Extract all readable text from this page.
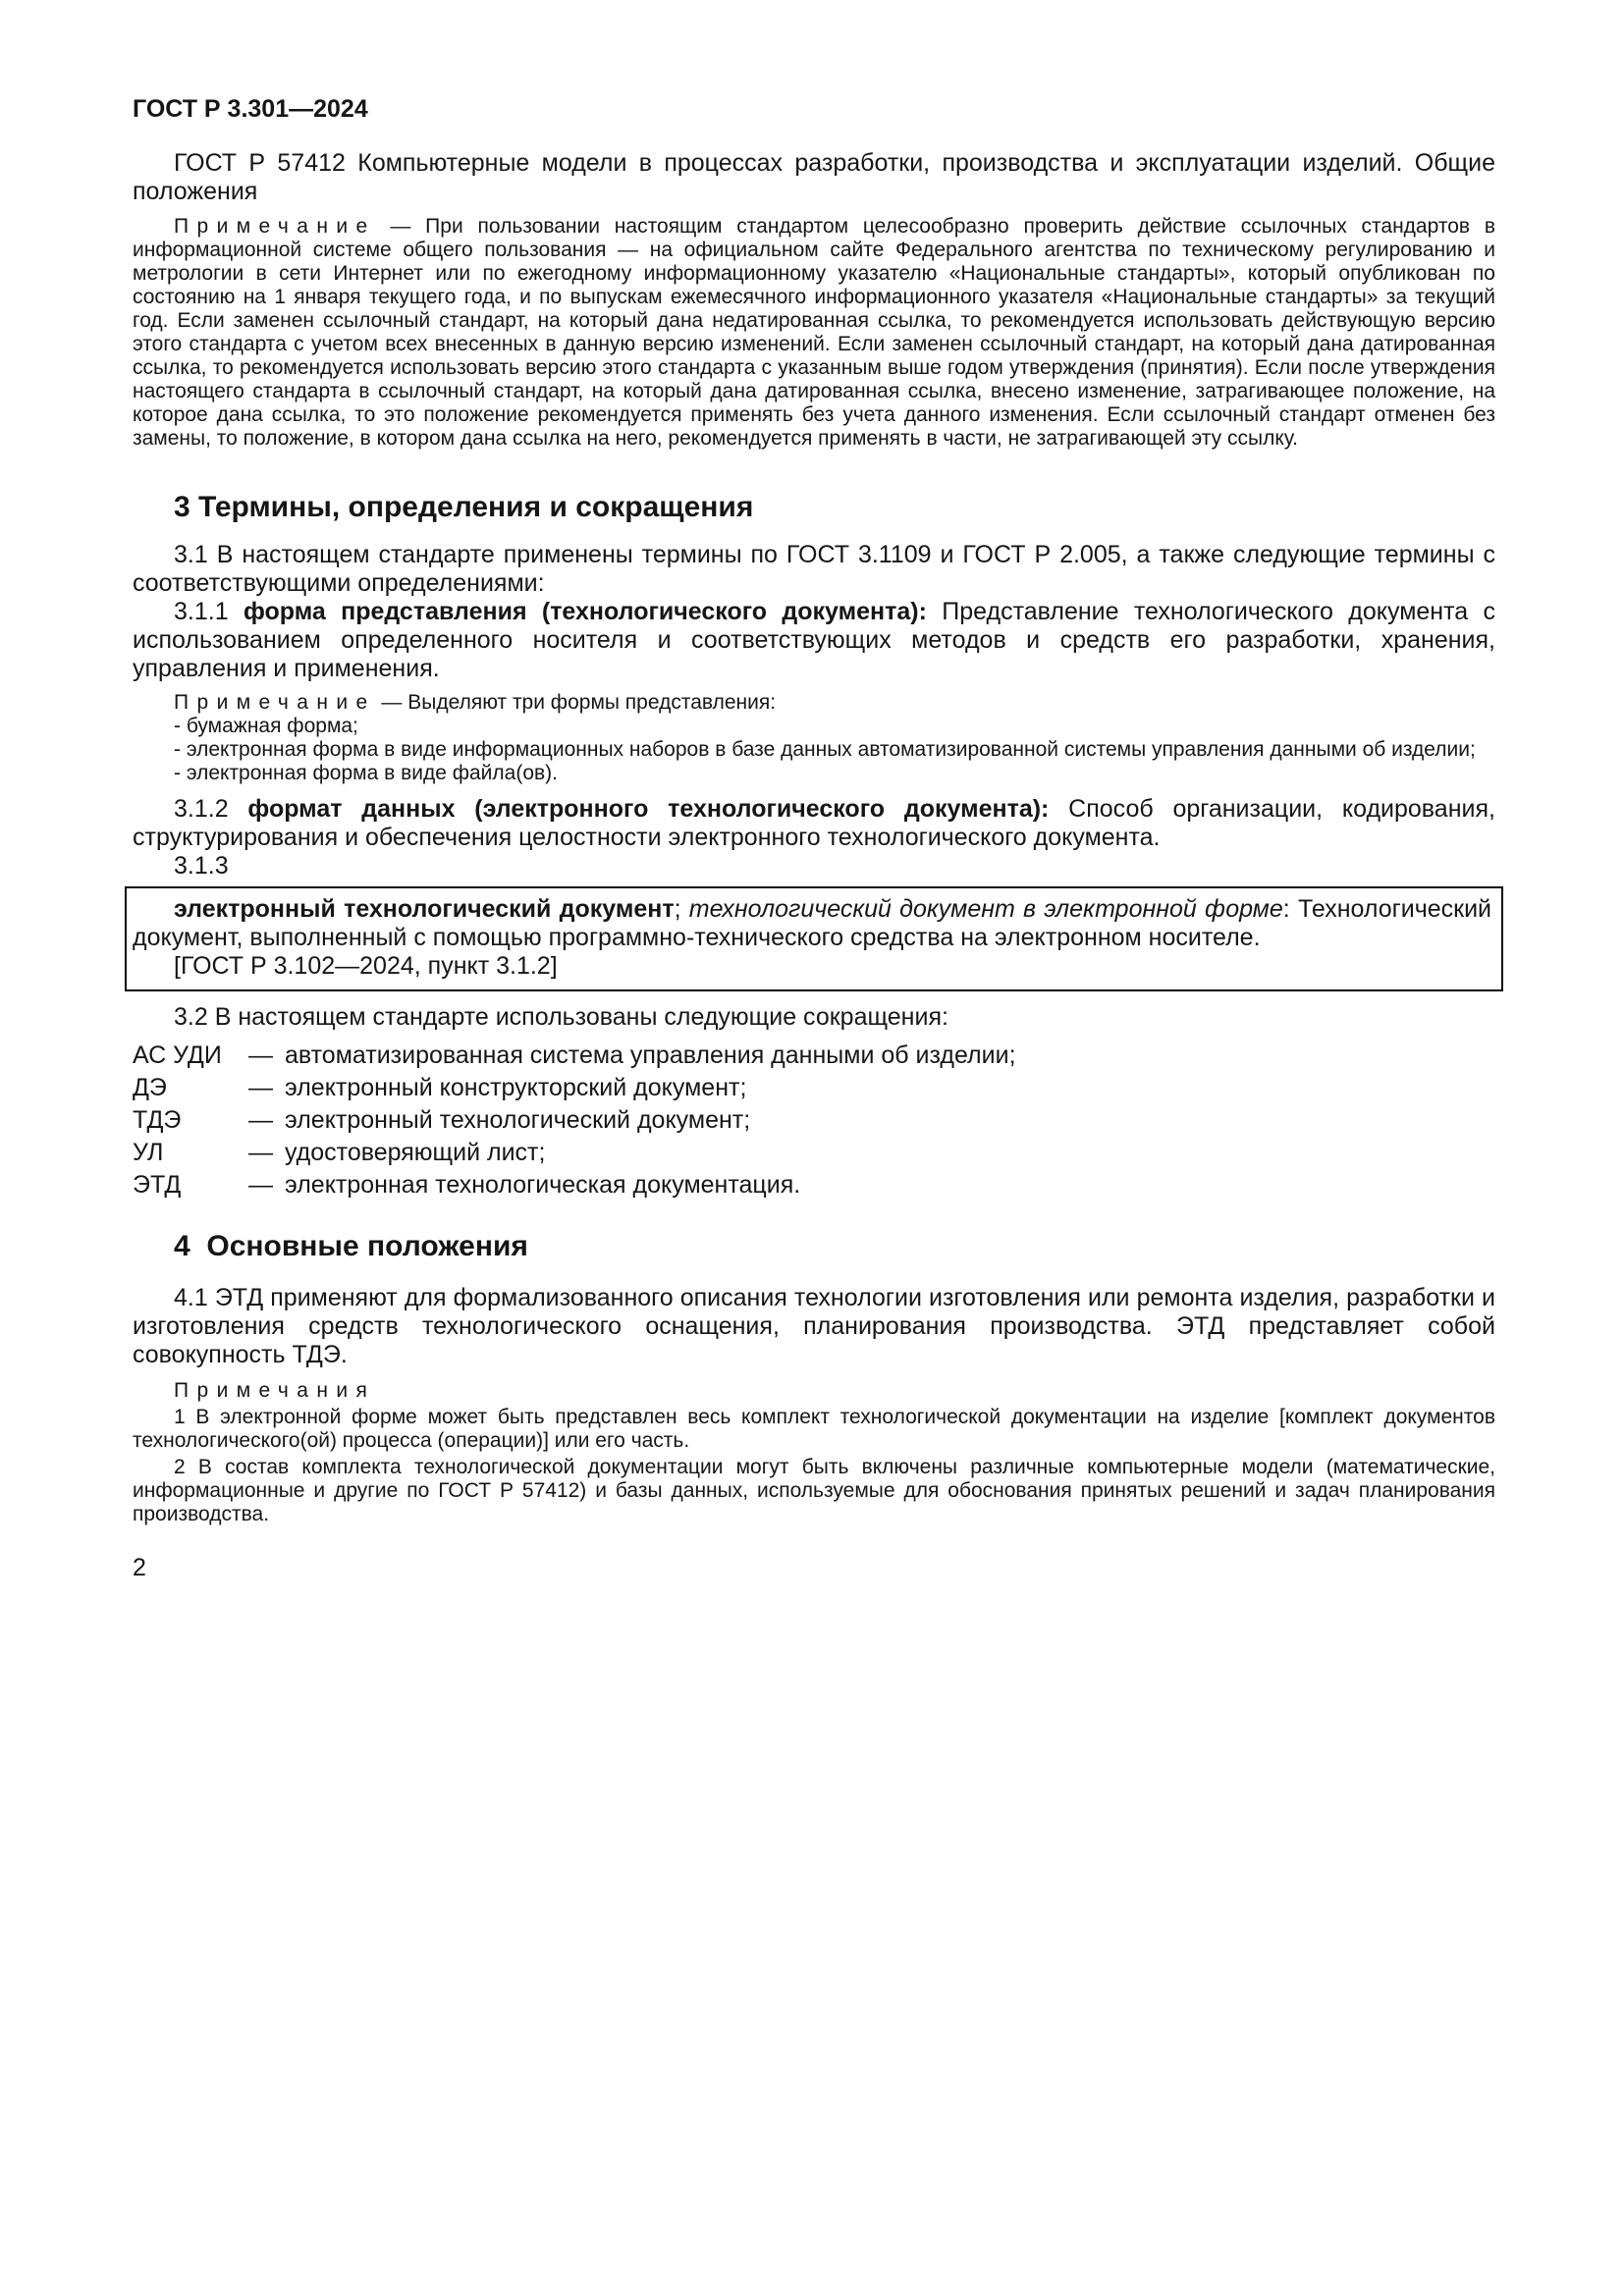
ГОСТ Р 3.301—2024

ГОСТ Р 57412 Компьютерные модели в процессах разработки, производства и эксплуатации изделий. Общие положения

Примечание — При пользовании настоящим стандартом целесообразно проверить действие ссылочных стандартов в информационной системе общего пользования — на официальном сайте Федерального агентства по техническому регулированию и метрологии в сети Интернет или по ежегодному информационному указателю «Национальные стандарты», который опубликован по состоянию на 1 января текущего года, и по выпускам ежемесячного информационного указателя «Национальные стандарты» за текущий год. Если заменен ссылочный стандарт, на который дана недатированная ссылка, то рекомендуется использовать действующую версию этого стандарта с учетом всех внесенных в данную версию изменений. Если заменен ссылочный стандарт, на который дана датированная ссылка, то рекомендуется использовать версию этого стандарта с указанным выше годом утверждения (принятия). Если после утверждения настоящего стандарта в ссылочный стандарт, на который дана датированная ссылка, внесено изменение, затрагивающее положение, на которое дана ссылка, то это положение рекомендуется применять без учета данного изменения. Если ссылочный стандарт отменен без замены, то положение, в котором дана ссылка на него, рекомендуется применять в части, не затрагивающей эту ссылку.

3 Термины, определения и сокращения

3.1 В настоящем стандарте применены термины по ГОСТ 3.1109 и ГОСТ Р 2.005, а также следующие термины с соответствующими определениями:

3.1.1 форма представления (технологического документа): Представление технологического документа с использованием определенного носителя и соответствующих методов и средств его разработки, хранения, управления и применения.

Примечание — Выделяют три формы представления:

- бумажная форма;

- электронная форма в виде информационных наборов в базе данных автоматизированной системы управления данными об изделии;

- электронная форма в виде файла(ов).

3.1.2 формат данных (электронного технологического документа): Способ организации, кодирования, структурирования и обеспечения целостности электронного технологического документа.

3.1.3

электронный технологический документ; технологический документ в электронной форме: Технологический документ, выполненный с помощью программно-технического средства на электронном носителе.

[ГОСТ Р 3.102—2024, пункт 3.1.2]

3.2 В настоящем стандарте использованы следующие сокращения:

АС УДИ	— автоматизированная система управления данными об изделии;
ДЭ	— электронный конструкторский документ;
ТДЭ	— электронный технологический документ;
УЛ	— удостоверяющий лист;
ЭТД	— электронная технологическая документация.
4  Основные положения

4.1 ЭТД применяют для формализованного описания технологии изготовления или ремонта изделия, разработки и изготовления средств технологического оснащения, планирования производства. ЭТД представляет собой совокупность ТДЭ.

Примечания

1 В электронной форме может быть представлен весь комплект технологической документации на изделие [комплект документов технологического(ой) процесса (операции)] или его часть.

2 В состав комплекта технологической документации могут быть включены различные компьютерные модели (математические, информационные и другие по ГОСТ Р 57412) и базы данных, используемые для обоснования принятых решений и задач планирования производства.

2
